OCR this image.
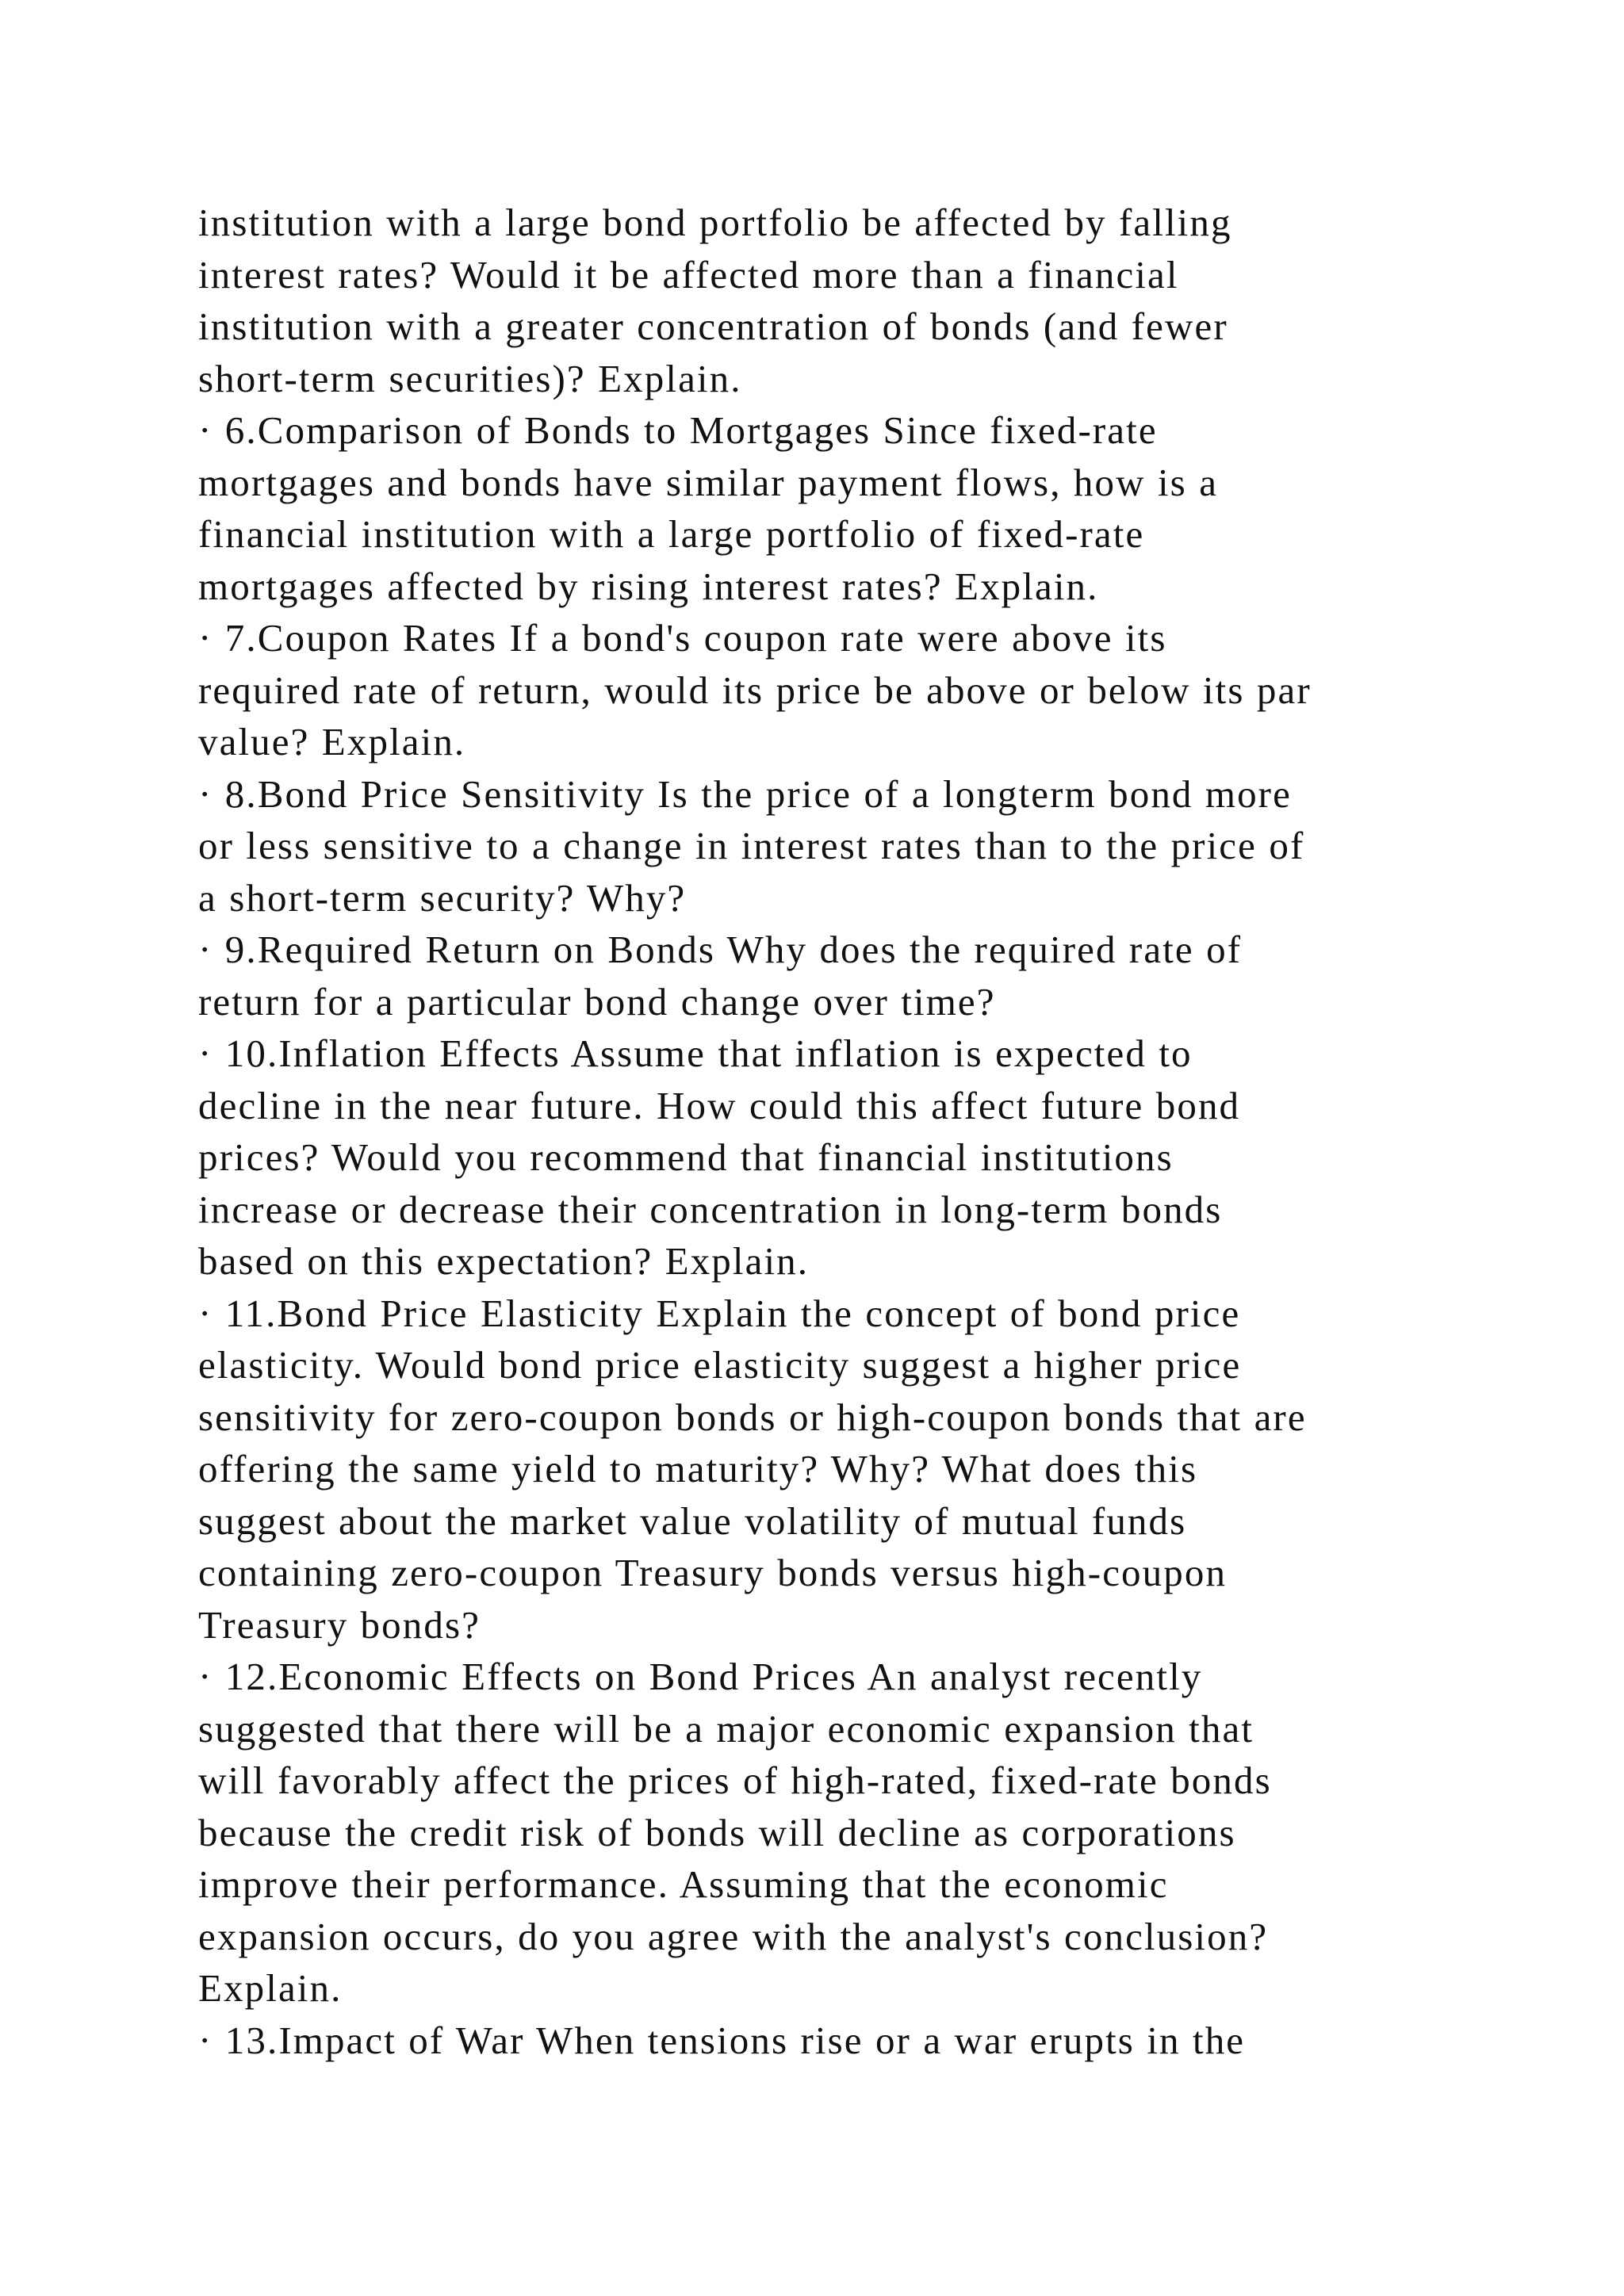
institution with a large bond portfolio be affected by falling
interest rates? Would it be affected more than a financial
institution with a greater concentration of bonds (and fewer
short-term securities)? Explain.
· 6.Comparison of Bonds to Mortgages Since fixed-rate
mortgages and bonds have similar payment flows, how is a
financial institution with a large portfolio of fixed-rate
mortgages affected by rising interest rates? Explain.
· 7.Coupon Rates If a bond's coupon rate were above its
required rate of return, would its price be above or below its par
value? Explain.
· 8.Bond Price Sensitivity Is the price of a longterm bond more
or less sensitive to a change in interest rates than to the price of
a short-term security? Why?
· 9.Required Return on Bonds Why does the required rate of
return for a particular bond change over time?
· 10.Inflation Effects Assume that inflation is expected to
decline in the near future. How could this affect future bond
prices? Would you recommend that financial institutions
increase or decrease their concentration in long-term bonds
based on this expectation? Explain.
· 11.Bond Price Elasticity Explain the concept of bond price
elasticity. Would bond price elasticity suggest a higher price
sensitivity for zero-coupon bonds or high-coupon bonds that are
offering the same yield to maturity? Why? What does this
suggest about the market value volatility of mutual funds
containing zero-coupon Treasury bonds versus high-coupon
Treasury bonds?
· 12.Economic Effects on Bond Prices An analyst recently
suggested that there will be a major economic expansion that
will favorably affect the prices of high-rated, fixed-rate bonds
because the credit risk of bonds will decline as corporations
improve their performance. Assuming that the economic
expansion occurs, do you agree with the analyst's conclusion?
Explain.
· 13.Impact of War When tensions rise or a war erupts in the
